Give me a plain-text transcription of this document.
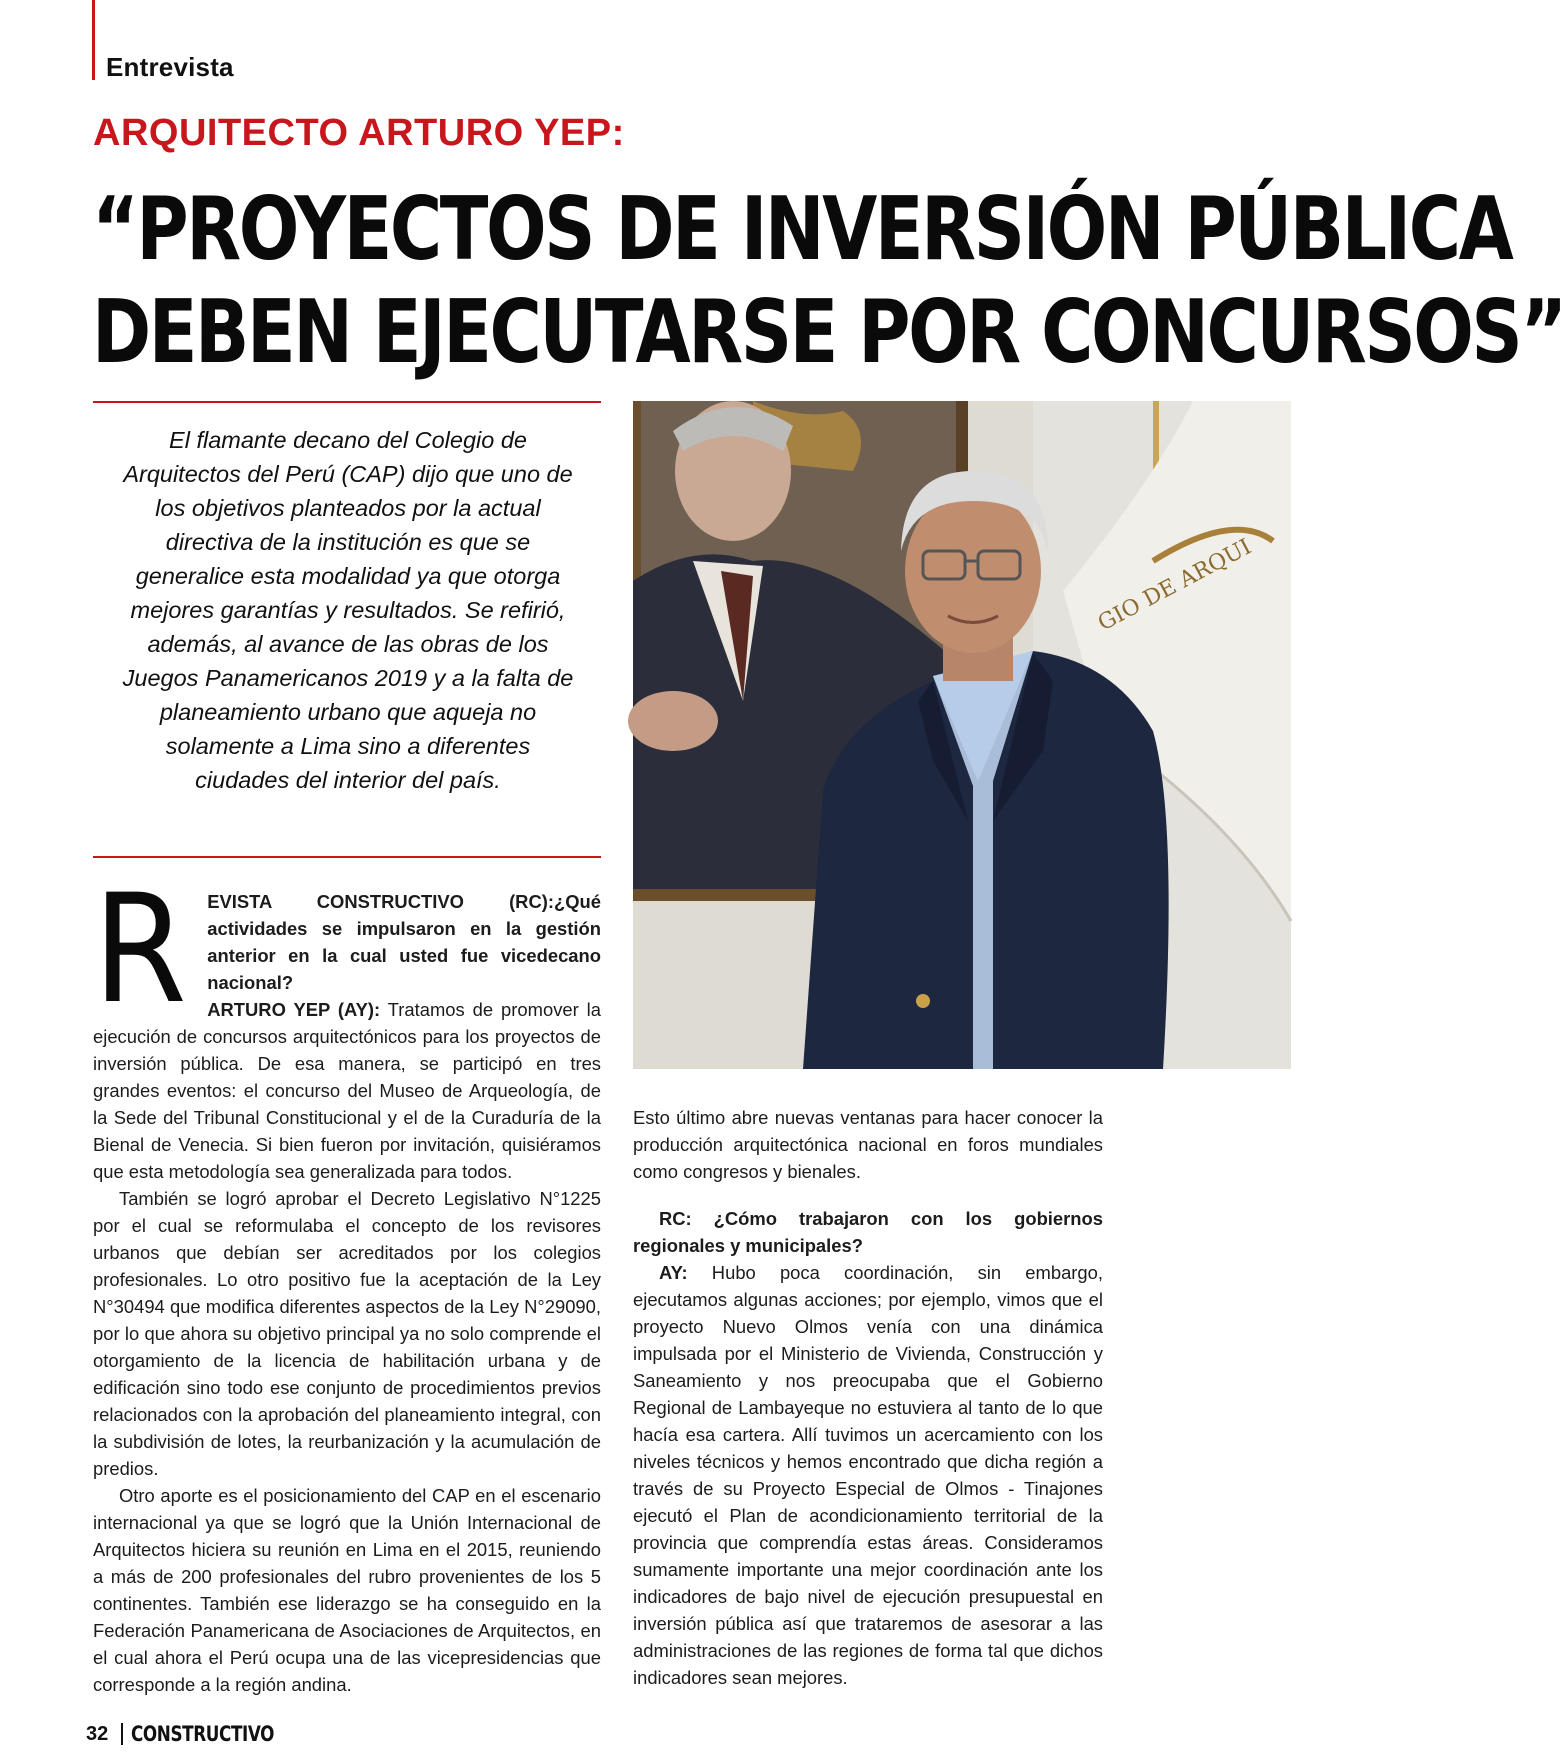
Entrevista
ARQUITECTO ARTURO YEP:
“PROYECTOS DE INVERSIÓN PÚBLICA
DEBEN EJECUTARSE POR CONCURSOS”
El flamante decano del Colegio de Arquitectos del Perú (CAP) dijo que uno de los objetivos planteados por la actual directiva de la institución es que se generalice esta modalidad ya que otorga mejores garantías y resultados. Se refirió, además, al avance de las obras de los Juegos Panamericanos 2019 y a la falta de planeamiento urbano que aqueja no solamente a Lima sino a diferentes ciudades del interior del país.
GIO DE ARQUI

R EVISTA CONSTRUCTIVO (RC):¿Qué actividades se impulsaron en la gestión anterior en la cual usted fue vicedecano nacional?
ARTURO YEP (AY): Tratamos de promover la ejecución de concursos arquitectónicos para los proyectos de inversión pública. De esa manera, se participó en tres grandes eventos: el concurso del Museo de Arqueología, de la Sede del Tribunal Constitucional y el de la Curaduría de la Bienal de Venecia. Si bien fueron por invitación, quisiéramos que esta metodología sea generalizada para todos.

También se logró aprobar el Decreto Legislativo N°1225 por el cual se reformulaba el concepto de los revisores urbanos que debían ser acreditados por los colegios profesionales. Lo otro positivo fue la aceptación de la Ley N°30494 que modifica diferentes aspectos de la Ley N°29090, por lo que ahora su objetivo principal ya no solo comprende el otorgamiento de la licencia de habilitación urbana y de edificación sino todo ese conjunto de procedimientos previos relacionados con la aprobación del planeamiento integral, con la subdivisión de lotes, la reurbanización y la acumulación de predios.

Otro aporte es el posicionamiento del CAP en el escenario internacional ya que se logró que la Unión Internacional de Arquitectos hiciera su reunión en Lima en el 2015, reuniendo a más de 200 profesionales del rubro provenientes de los 5 continentes. También ese liderazgo se ha conseguido en la Federación Panamericana de Asociaciones de Arquitectos, en el cual ahora el Perú ocupa una de las vicepresidencias que corresponde a la región andina.

Esto último abre nuevas ventanas para hacer conocer la producción arquitectónica nacional en foros mundiales como congresos y bienales.

RC: ¿Cómo trabajaron con los gobiernos regionales y municipales?

AY: Hubo poca coordinación, sin embargo, ejecutamos algunas acciones; por ejemplo, vimos que el proyecto Nuevo Olmos venía con una dinámica impulsada por el Ministerio de Vivienda, Construcción y Saneamiento y nos preocupaba que el Gobierno Regional de Lambayeque no estuviera al tanto de lo que hacía esa cartera. Allí tuvimos un acercamiento con los niveles técnicos y hemos encontrado que dicha región a través de su Proyecto Especial de Olmos - Tinajones ejecutó el Plan de acondicionamiento territorial de la provincia que comprendía estas áreas. Consideramos sumamente importante una mejor coordinación ante los indicadores de bajo nivel de ejecución presupuestal en inversión pública así que trataremos de asesorar a las administraciones de las regiones de forma tal que dichos indicadores sean mejores.

32 CONSTRUCTIVO
